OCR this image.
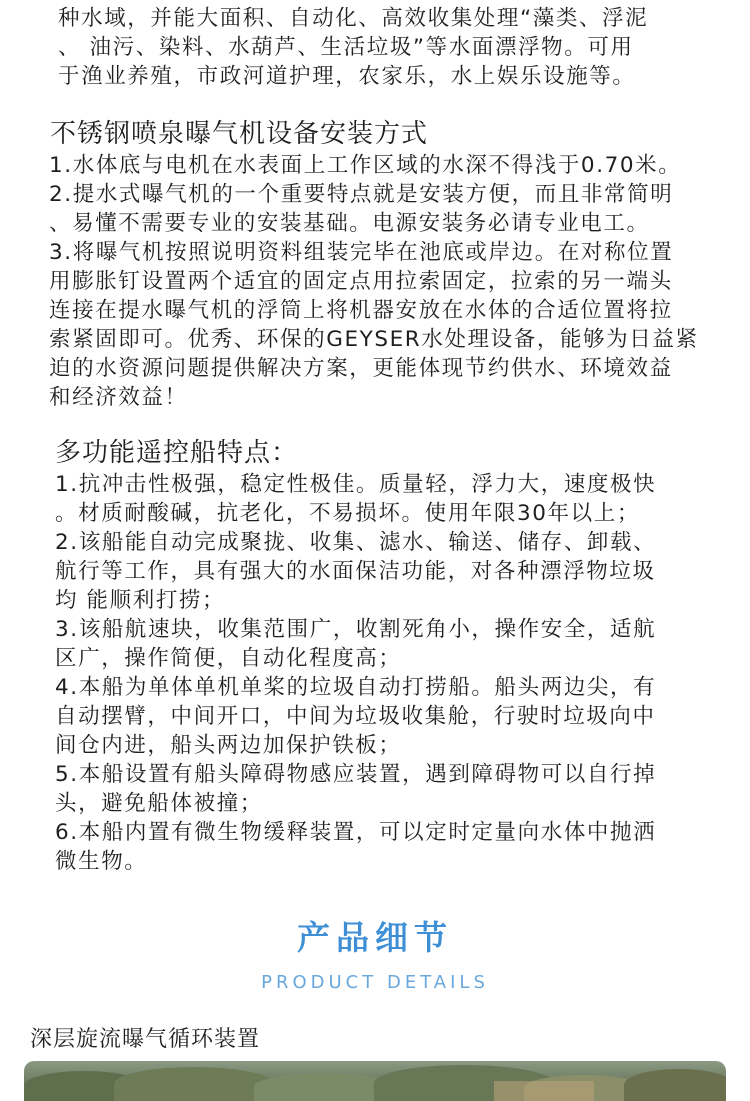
种水域，并能大面积、自动化、高效收集处理“藻类、浮泥
、 油污、染料、水葫芦、生活垃圾”等水面漂浮物。可用
于渔业养殖，市政河道护理，农家乐，水上娱乐设施等。
不锈钢喷泉曝气机设备安装方式
1.水体底与电机在水表面上工作区域的水深不得浅于0.70米。
2.提水式曝气机的一个重要特点就是安装方便，而且非常简明
、易懂不需要专业的安装基础。电源安装务必请专业电工。
3.将曝气机按照说明资料组装完毕在池底或岸边。在对称位置
用膨胀钉设置两个适宜的固定点用拉索固定，拉索的另一端头
连接在提水曝气机的浮筒上将机器安放在水体的合适位置将拉
索紧固即可。优秀、环保的GEYSER水处理设备，能够为日益紧
迫的水资源问题提供解决方案，更能体现节约供水、环境效益
和经济效益！
多功能遥控船特点：
1.抗冲击性极强，稳定性极佳。质量轻，浮力大，速度极快
。材质耐酸碱，抗老化，不易损坏。使用年限30年以上；
2.该船能自动完成聚拢、收集、滤水、输送、储存、卸载、
航行等工作，具有强大的水面保洁功能，对各种漂浮物垃圾
均 能顺利打捞；
3.该船航速块，收集范围广，收割死角小，操作安全，适航
区广，操作简便，自动化程度高；
4.本船为单体单机单桨的垃圾自动打捞船。船头两边尖，有
自动摆臂，中间开口，中间为垃圾收集舱，行驶时垃圾向中
间仓内进，船头两边加保护铁板；
5.本船设置有船头障碍物感应装置，遇到障碍物可以自行掉
头，避免船体被撞；
6.本船内置有微生物缓释装置，可以定时定量向水体中抛洒
微生物。
产品细节
PRODUCT DETAILS
深层旋流曝气循环装置
